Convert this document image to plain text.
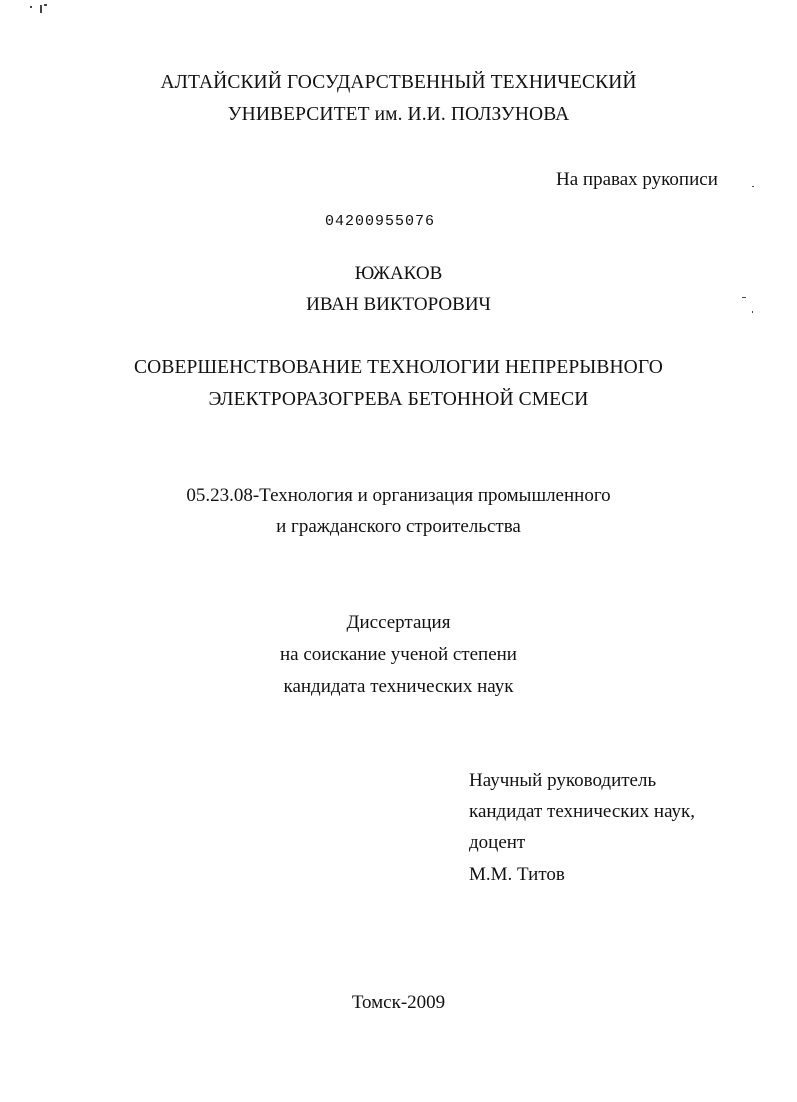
АЛТАЙСКИЙ ГОСУДАРСТВЕННЫЙ ТЕХНИЧЕСКИЙ
УНИВЕРСИТЕТ им. И.И. ПОЛЗУНОВА
На правах рукописи
04200955076
ЮЖАКОВ
ИВАН ВИКТОРОВИЧ
СОВЕРШЕНСТВОВАНИЕ ТЕХНОЛОГИИ НЕПРЕРЫВНОГО
ЭЛЕКТРОРАЗОГРЕВА БЕТОННОЙ СМЕСИ
05.23.08-Технология и организация промышленного
и гражданского строительства
Диссертация
на соискание ученой степени
кандидата технических наук
Научный руководитель
кандидат технических наук,
доцент
М.М. Титов
Томск-2009
